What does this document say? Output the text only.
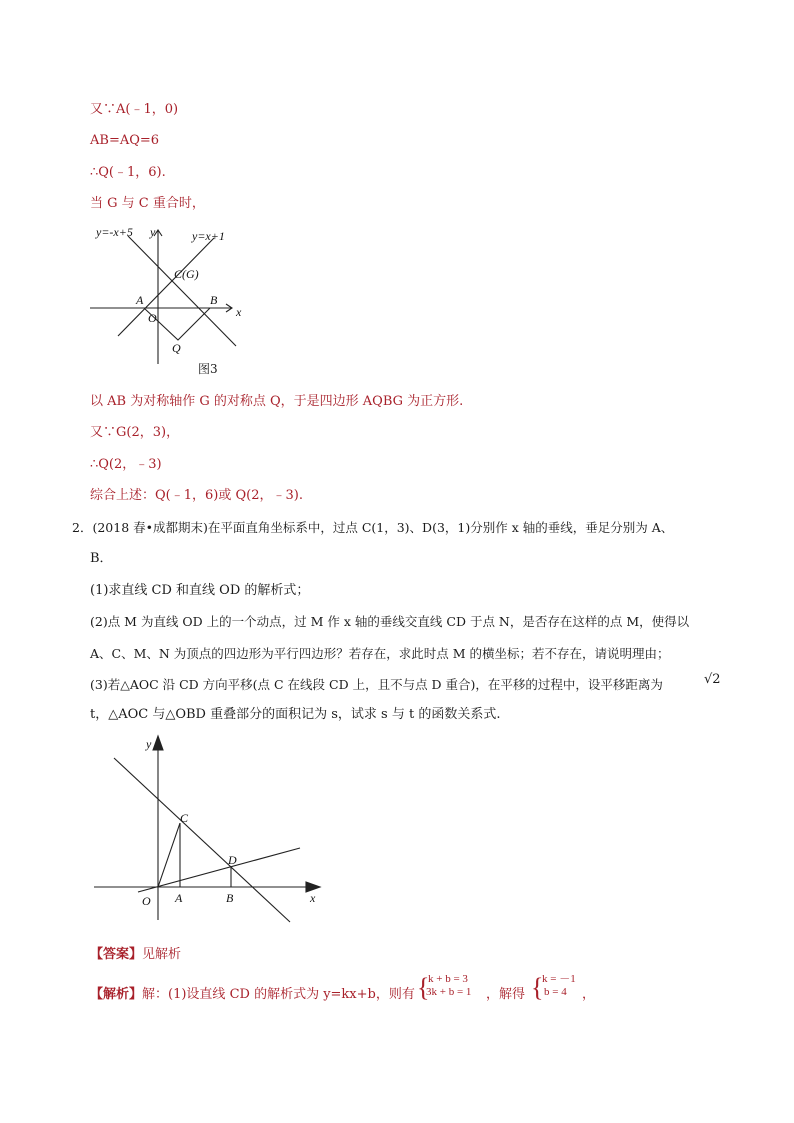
又∵A(﹣1，0)
AB=AQ=6
∴Q(﹣1，6).
当 G 与 C 重合时，
y=-x+5 y	y=x+1
C(G)
A	B
x
O
Q
图3
以 AB 为对称轴作 G 的对称点 Q，于是四边形 AQBG 为正方形.
又∵G(2，3)，
∴Q(2，﹣3)
综合上述：Q(﹣1，6)或 Q(2，﹣3).
2．(2018 春•成都期末)在平面直角坐标系中，过点 C(1，3)、D(3，1)分别作 x 轴的垂线，垂足分别为 A、
B．
(1)求直线 CD 和直线 OD 的解析式；
(2)点 M 为直线 OD 上的一个动点，过 M 作 x 轴的垂线交直线 CD 于点 N，是否存在这样的点 M，使得以
A、C、M、N 为顶点的四边形为平行四边形？若存在，求此时点 M 的横坐标；若不存在，请说明理由；
(3)若△AOC 沿 CD 方向平移(点 C 在线段 CD 上，且不与点 D 重合)，在平移的过程中，设平移距离为	√2
t，△AOC 与△OBD 重叠部分的面积记为 s，试求 s 与 t 的函数关系式.
y
C
D
O A	B	x
【答案】见解析
【解析】解：(1)设直线 CD 的解析式为 y=kx+b，则有 {
k + b = 3
3k + b = 1 ，解得 {
k = －1
b = 4 ，
